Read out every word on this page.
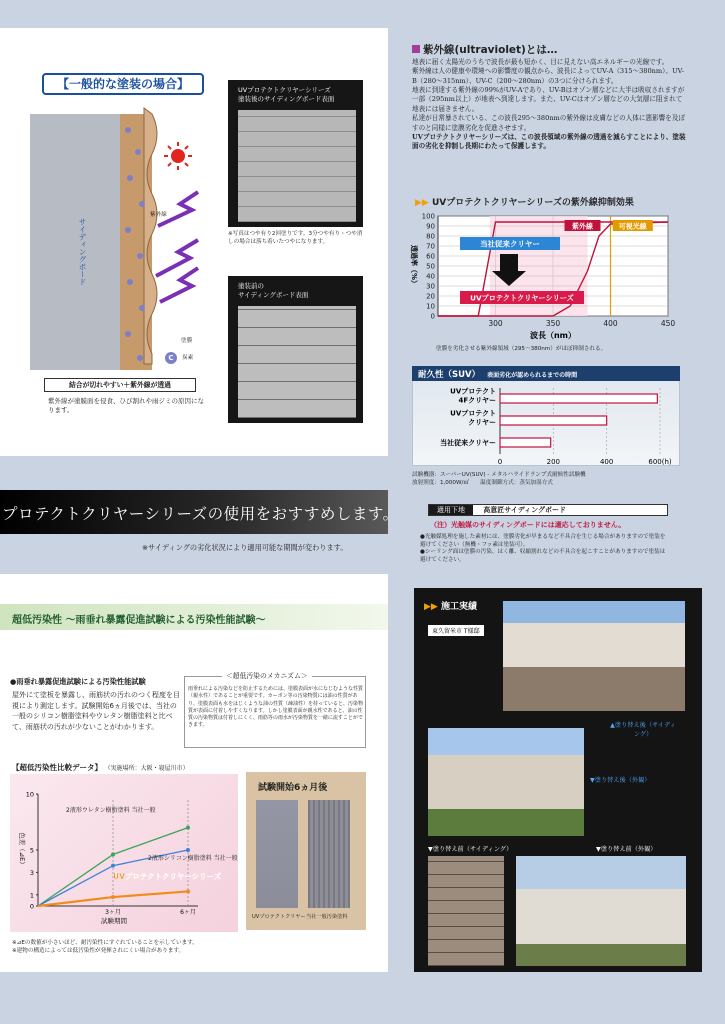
【一般的な塗装の場合】
紫外線
サイディングボード
塗膜
C	炭素
結合が切れやすい＋紫外線が透過
紫外線が塗膜面を侵食、ひび割れや雨ジミの原因になります。
UVプロテクトクリヤーシリーズ
塗装後のサイディングボード表面
※写真はつや有り2回塗りです。3分つや有り・つや消しの場合は落ち着いたつやになります。
塗装前の
サイディングボード表面
紫外線(ultraviolet)とは…
地表に届く太陽光のうちで波長が最も短かく、目に見えない高エネルギーの光線です。
紫外線は人の健康や環境への影響度の観点から、波長によってUV-A（315～380nm）、UV-B（280～315nm）、UV-C（200～280nm）の3つに分けられます。
地表に到達する紫外線の99%がUV-Aであり、UV-Bはオゾン層などに大半は吸収されますが一部（295nm以上）が地表へ到達します。また、UV-Cはオゾン層などの大気層に阻まれて地表には届きません。
私達が日常暴されている、この波長295～380nmの紫外線は皮膚などの人体に悪影響を及ぼすのと同様に塗膜劣化を促進させます。
UVプロテクトクリヤーシリーズは、この波長領域の紫外線の透過を減らすことにより、塗装面の劣化を抑制し長期にわたって保護します。
▶▶ UVプロテクトクリヤーシリーズの紫外線抑制効果
0
10
20
30
40
50
60
70
80
90
100
300	350	400	450
波長（nm）
透過率（%）
当社従来クリヤー
UVプロテクトクリヤーシリーズ
紫外線	可視光線
塗膜を劣化させる紫外線領域（295～380nm）がほぼ抑制される。
耐久性（SUV） 表面劣化が認められるまでの時間
0	200	400	600(h)
UVプロテクト
4Fクリヤー
UVプロテクト
クリヤー
当社従来クリヤー
試験機器：スーパーUV(SUV) - メタルハライドランプ式耐候性試験機
放射照度：1,000W/㎡　　温度制御方式：蒸気加湿方式
適用下地	高意匠サイディングボード
（注）光触媒のサイディングボードには適応しておりません。
●光触媒処理を施した素材には、塗膜劣化が早まるなど不具合を生じる場合がありますので塗装を避けてください（無機・フッ素は塗装可）。
●シーリング面は塗膜の汚染、はく離、収縮割れなどの不具合を起こすことがありますので塗装は避けてください。
プロテクトクリヤーシリーズの使用をおすすめします。
※サイディングの劣化状況により適用可能な期間が変わります。
超低汚染性 ～雨垂れ暴露促進試験による汚染性能試験～
●雨垂れ暴露促進試験による汚染性能試験
屋外にて塗板を暴露し、雨筋状の汚れのつく程度を目視により測定します。試験開始6ヵ月後では、当社の一般のシリコン樹脂塗料やウレタン樹脂塗料と比べて、雨筋状の汚れが少ないことがわかります。
＜超低汚染のメカニズム＞
雨垂れによる汚染などを防止するためには、塗膜表面が水になじむような性質（親水性）であることが重要です。カーボン等の汚染物質には油の性質があり、塗膜表面も水をはじくような油の性質（疎油性）を持っていると、汚染物質が表面に付着しやすくなります。しかし塗膜表面が親水性であると、油の性質の汚染物質は付着しにくく、雨筋等の雨水が汚染物質を一緒に流すことができます。
【超低汚染性比較データ】 （実施場所：大阪・寝屋川市）
0
1
3
5
10
3ヶ月	6ヶ月
試験期間
色差（⊿E）
2液形ウレタン樹脂塗料 当社一般
2液形シリコン樹脂塗料 当社一般
UVプロテクトクリヤーシリーズ
試験開始6ヵ月後
UVプロテクトクリヤー 当社一般汚染塗料
※⊿Eの数値が小さいほど、耐汚染性にすぐれていることを示しています。
※建物の構造によっては低汚染性が発揮されにくい場合があります。
▶▶ 施工実績
東久留米市 T様邸
▲塗り替え後（サイディング）
▼塗り替え後（外観）
▼塗り替え前（サイディング）	▼塗り替え前（外観）
